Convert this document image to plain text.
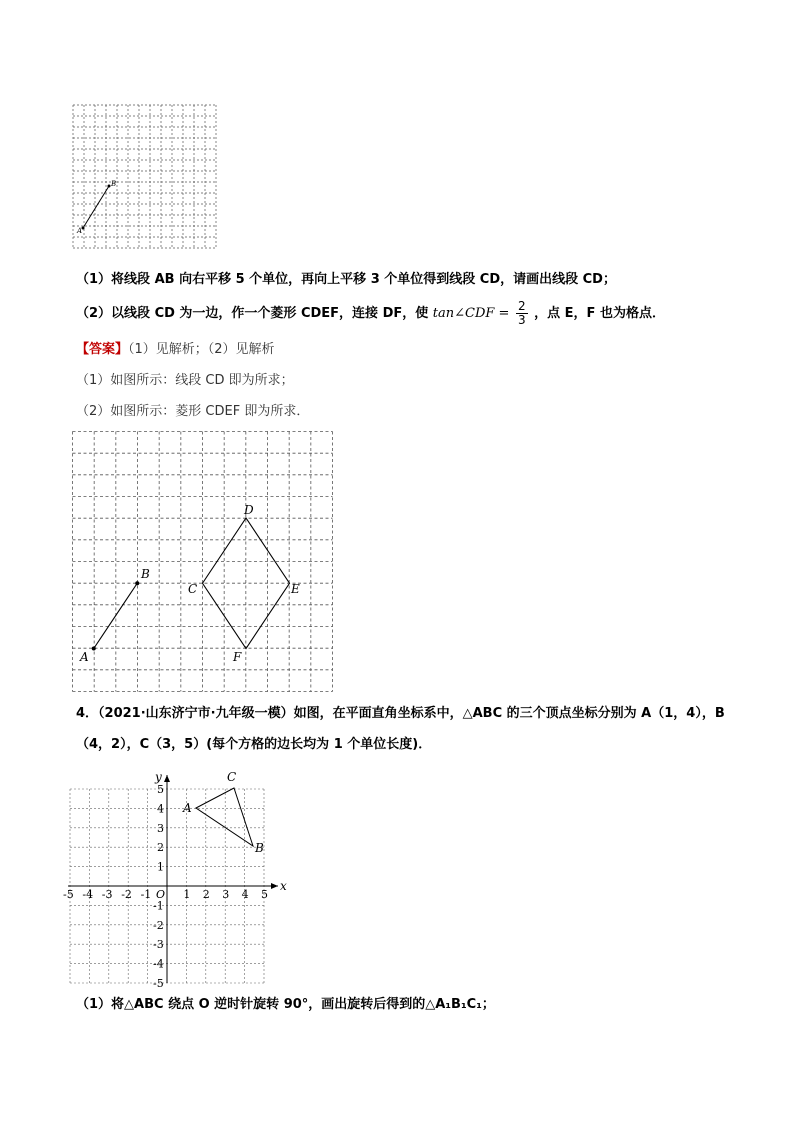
A
B
（1）将线段 AB 向右平移 5 个单位，再向上平移 3 个单位得到线段 CD，请画出线段 CD；
（2）以线段 CD 为一边，作一个菱形 CDEF，连接 DF，使 tan∠CDF = $\frac{2}{3}$ ，点 E，F 也为格点．
【答案】（1）见解析；（2）见解析
（1）如图所示：线段 CD 即为所求；
（2）如图所示：菱形 CDEF 即为所求．
A
B
C
D
E
F
4．（2021·山东济宁市·九年级一模）如图，在平面直角坐标系中，△ABC 的三个顶点坐标分别为 A（1，4），B
（4，2），C（3，5）(每个方格的边长均为 1 个单位长度)．
x
y
O
-5 -4 -3 -2 -1	1 2 3 4 5
5
4
3
2
1
-1
-2
-3
-4
-5
A
B
C
（1）将△ABC 绕点 O 逆时针旋转 90°，画出旋转后得到的△A₁B₁C₁；
